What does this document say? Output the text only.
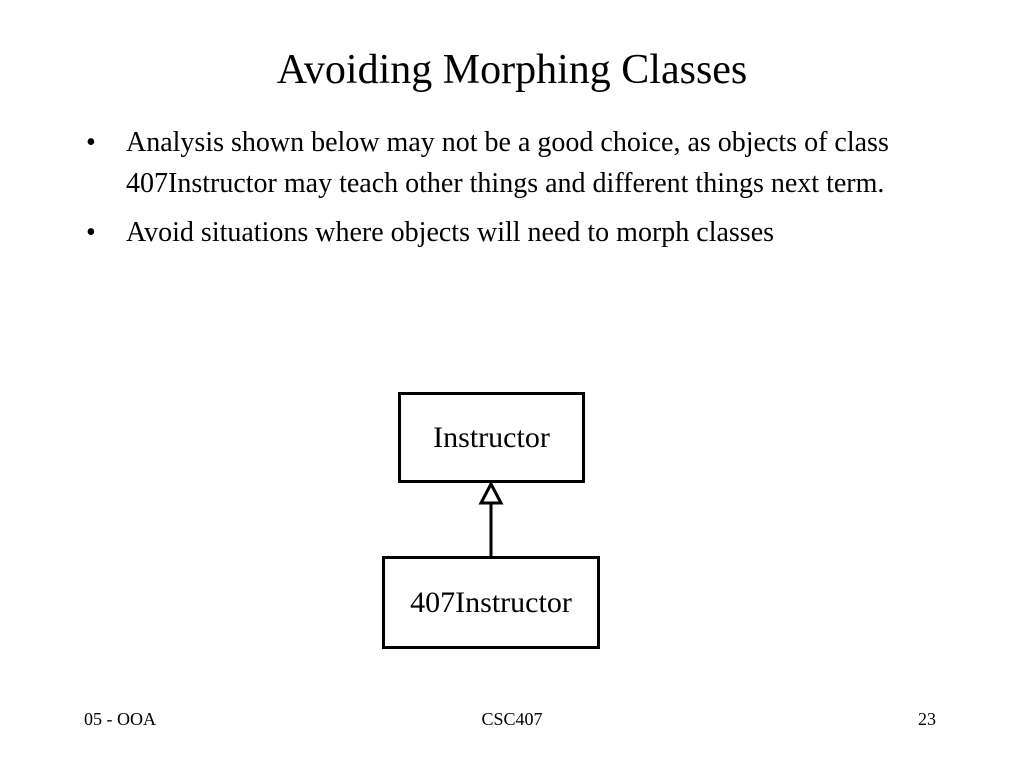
Avoiding Morphing Classes
• Analysis shown below may not be a good choice, as objects of class 407Instructor may teach other things and different things next term.
• Avoid situations where objects will need to morph classes
Instructor
407Instructor
05 - OOA	CSC407	23
